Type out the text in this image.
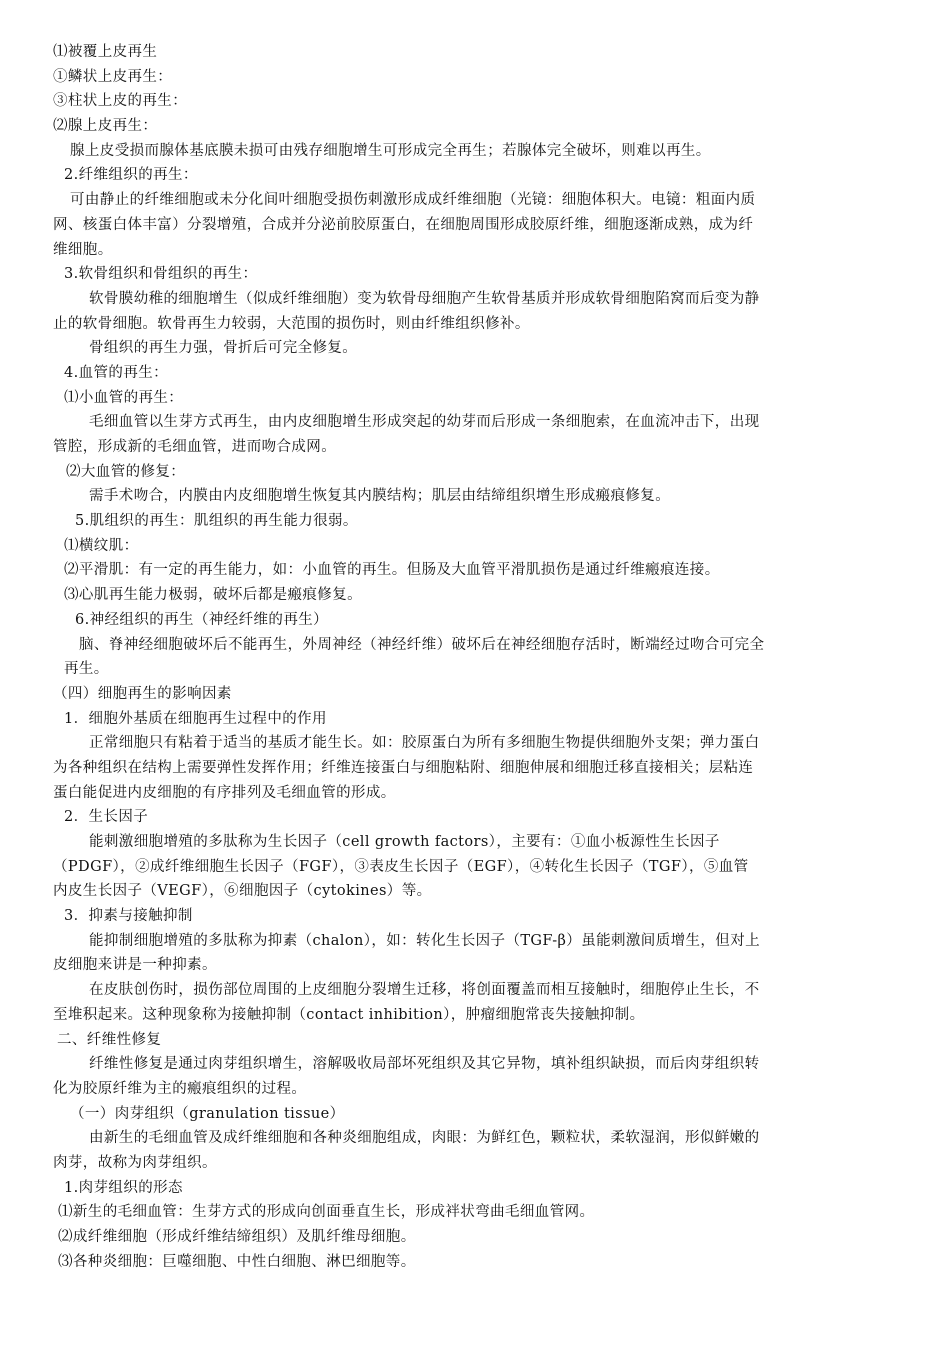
⑴被覆上皮再生
①鳞状上皮再生：
③柱状上皮的再生：
⑵腺上皮再生：
腺上皮受损而腺体基底膜未损可由残存细胞增生可形成完全再生；若腺体完全破坏，则难以再生。
2.纤维组织的再生：
可由静止的纤维细胞或未分化间叶细胞受损伤刺激形成成纤维细胞（光镜：细胞体积大。电镜：粗面内质
网、核蛋白体丰富）分裂增殖，合成并分泌前胶原蛋白，在细胞周围形成胶原纤维，细胞逐渐成熟，成为纤
维细胞。
3.软骨组织和骨组织的再生：
软骨膜幼稚的细胞增生（似成纤维细胞）变为软骨母细胞产生软骨基质并形成软骨细胞陷窝而后变为静
止的软骨细胞。软骨再生力较弱，大范围的损伤时，则由纤维组织修补。
骨组织的再生力强，骨折后可完全修复。
4.血管的再生：
⑴小血管的再生：
毛细血管以生芽方式再生，由内皮细胞增生形成突起的幼芽而后形成一条细胞索，在血流冲击下，出现
管腔，形成新的毛细血管，进而吻合成网。
⑵大血管的修复：
需手术吻合，内膜由内皮细胞增生恢复其内膜结构；肌层由结缔组织增生形成瘢痕修复。
5.肌组织的再生：肌组织的再生能力很弱。
⑴横纹肌：
⑵平滑肌：有一定的再生能力，如：小血管的再生。但肠及大血管平滑肌损伤是通过纤维瘢痕连接。
⑶心肌再生能力极弱，破坏后都是瘢痕修复。
6.神经组织的再生（神经纤维的再生）
脑、脊神经细胞破坏后不能再生，外周神经（神经纤维）破坏后在神经细胞存活时，断端经过吻合可完全
再生。
（四）细胞再生的影响因素
1．细胞外基质在细胞再生过程中的作用
正常细胞只有粘着于适当的基质才能生长。如：胶原蛋白为所有多细胞生物提供细胞外支架；弹力蛋白
为各种组织在结构上需要弹性发挥作用；纤维连接蛋白与细胞粘附、细胞伸展和细胞迁移直接相关；层粘连
蛋白能促进内皮细胞的有序排列及毛细血管的形成。
2．生长因子
能刺激细胞增殖的多肽称为生长因子（cell growth factors），主要有：①血小板源性生长因子
（PDGF），②成纤维细胞生长因子（FGF），③表皮生长因子（EGF），④转化生长因子（TGF），⑤血管
内皮生长因子（VEGF），⑥细胞因子（cytokines）等。
3．抑素与接触抑制
能抑制细胞增殖的多肽称为抑素（chalon），如：转化生长因子（TGF-β）虽能刺激间质增生，但对上
皮细胞来讲是一种抑素。
在皮肤创伤时，损伤部位周围的上皮细胞分裂增生迁移，将创面覆盖而相互接触时，细胞停止生长，不
至堆积起来。这种现象称为接触抑制（contact inhibition），肿瘤细胞常丧失接触抑制。
二、纤维性修复
纤维性修复是通过肉芽组织增生，溶解吸收局部坏死组织及其它异物，填补组织缺损，而后肉芽组织转
化为胶原纤维为主的瘢痕组织的过程。
（一）肉芽组织（granulation tissue）
由新生的毛细血管及成纤维细胞和各种炎细胞组成，肉眼：为鲜红色，颗粒状，柔软湿润，形似鲜嫩的
肉芽，故称为肉芽组织。
1.肉芽组织的形态
⑴新生的毛细血管：生芽方式的形成向创面垂直生长，形成袢状弯曲毛细血管网。
⑵成纤维细胞（形成纤维结缔组织）及肌纤维母细胞。
⑶各种炎细胞：巨噬细胞、中性白细胞、淋巴细胞等。
